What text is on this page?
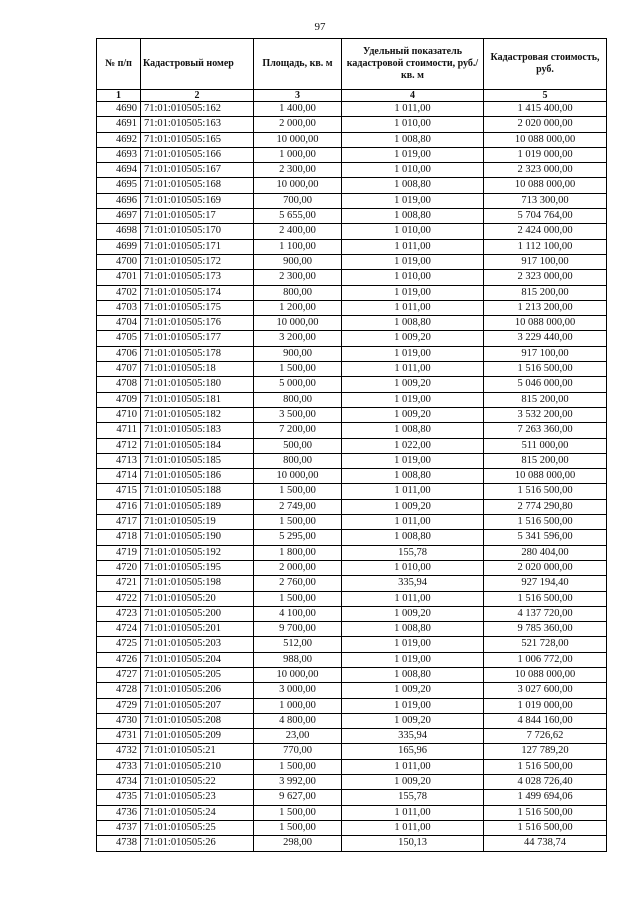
97
№ п/п	Кадастровый номер	Площадь, кв. м	Удельный показатель кадастровой стоимости, руб./кв. м	Кадастровая стоимость, руб.
1	2	3	4	5
4690	71:01:010505:162	1 400,00	1 011,00	1 415 400,00
4691	71:01:010505:163	2 000,00	1 010,00	2 020 000,00
4692	71:01:010505:165	10 000,00	1 008,80	10 088 000,00
4693	71:01:010505:166	1 000,00	1 019,00	1 019 000,00
4694	71:01:010505:167	2 300,00	1 010,00	2 323 000,00
4695	71:01:010505:168	10 000,00	1 008,80	10 088 000,00
4696	71:01:010505:169	700,00	1 019,00	713 300,00
4697	71:01:010505:17	5 655,00	1 008,80	5 704 764,00
4698	71:01:010505:170	2 400,00	1 010,00	2 424 000,00
4699	71:01:010505:171	1 100,00	1 011,00	1 112 100,00
4700	71:01:010505:172	900,00	1 019,00	917 100,00
4701	71:01:010505:173	2 300,00	1 010,00	2 323 000,00
4702	71:01:010505:174	800,00	1 019,00	815 200,00
4703	71:01:010505:175	1 200,00	1 011,00	1 213 200,00
4704	71:01:010505:176	10 000,00	1 008,80	10 088 000,00
4705	71:01:010505:177	3 200,00	1 009,20	3 229 440,00
4706	71:01:010505:178	900,00	1 019,00	917 100,00
4707	71:01:010505:18	1 500,00	1 011,00	1 516 500,00
4708	71:01:010505:180	5 000,00	1 009,20	5 046 000,00
4709	71:01:010505:181	800,00	1 019,00	815 200,00
4710	71:01:010505:182	3 500,00	1 009,20	3 532 200,00
4711	71:01:010505:183	7 200,00	1 008,80	7 263 360,00
4712	71:01:010505:184	500,00	1 022,00	511 000,00
4713	71:01:010505:185	800,00	1 019,00	815 200,00
4714	71:01:010505:186	10 000,00	1 008,80	10 088 000,00
4715	71:01:010505:188	1 500,00	1 011,00	1 516 500,00
4716	71:01:010505:189	2 749,00	1 009,20	2 774 290,80
4717	71:01:010505:19	1 500,00	1 011,00	1 516 500,00
4718	71:01:010505:190	5 295,00	1 008,80	5 341 596,00
4719	71:01:010505:192	1 800,00	155,78	280 404,00
4720	71:01:010505:195	2 000,00	1 010,00	2 020 000,00
4721	71:01:010505:198	2 760,00	335,94	927 194,40
4722	71:01:010505:20	1 500,00	1 011,00	1 516 500,00
4723	71:01:010505:200	4 100,00	1 009,20	4 137 720,00
4724	71:01:010505:201	9 700,00	1 008,80	9 785 360,00
4725	71:01:010505:203	512,00	1 019,00	521 728,00
4726	71:01:010505:204	988,00	1 019,00	1 006 772,00
4727	71:01:010505:205	10 000,00	1 008,80	10 088 000,00
4728	71:01:010505:206	3 000,00	1 009,20	3 027 600,00
4729	71:01:010505:207	1 000,00	1 019,00	1 019 000,00
4730	71:01:010505:208	4 800,00	1 009,20	4 844 160,00
4731	71:01:010505:209	23,00	335,94	7 726,62
4732	71:01:010505:21	770,00	165,96	127 789,20
4733	71:01:010505:210	1 500,00	1 011,00	1 516 500,00
4734	71:01:010505:22	3 992,00	1 009,20	4 028 726,40
4735	71:01:010505:23	9 627,00	155,78	1 499 694,06
4736	71:01:010505:24	1 500,00	1 011,00	1 516 500,00
4737	71:01:010505:25	1 500,00	1 011,00	1 516 500,00
4738	71:01:010505:26	298,00	150,13	44 738,74
